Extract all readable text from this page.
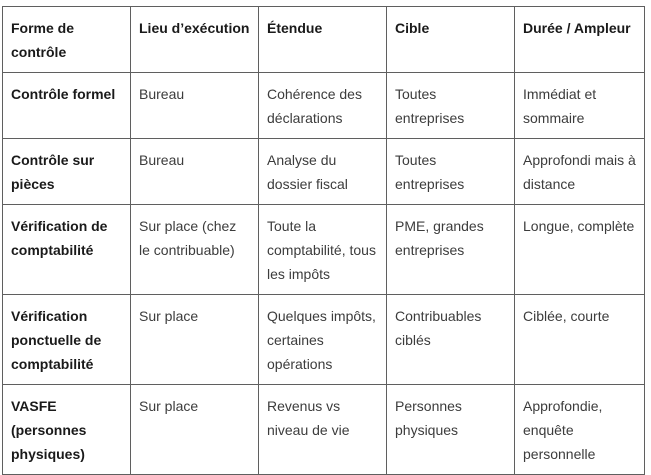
Forme de contrôle	Lieu d’exécution	Étendue	Cible	Durée / Ampleur
Contrôle formel	Bureau	Cohérence des déclarations	Toutes entreprises	Immédiat et sommaire
Contrôle sur pièces	Bureau	Analyse du dossier fiscal	Toutes entreprises	Approfondi mais à distance
Vérification de comptabilité	Sur place (chez le contribuable)	Toute la comptabilité, tous les impôts	PME, grandes entreprises	Longue, complète
Vérification ponctuelle de comptabilité	Sur place	Quelques impôts, certaines opérations	Contribuables ciblés	Ciblée, courte
VASFE (personnes physiques)	Sur place	Revenus vs niveau de vie	Personnes physiques	Approfondie, enquête personnelle
